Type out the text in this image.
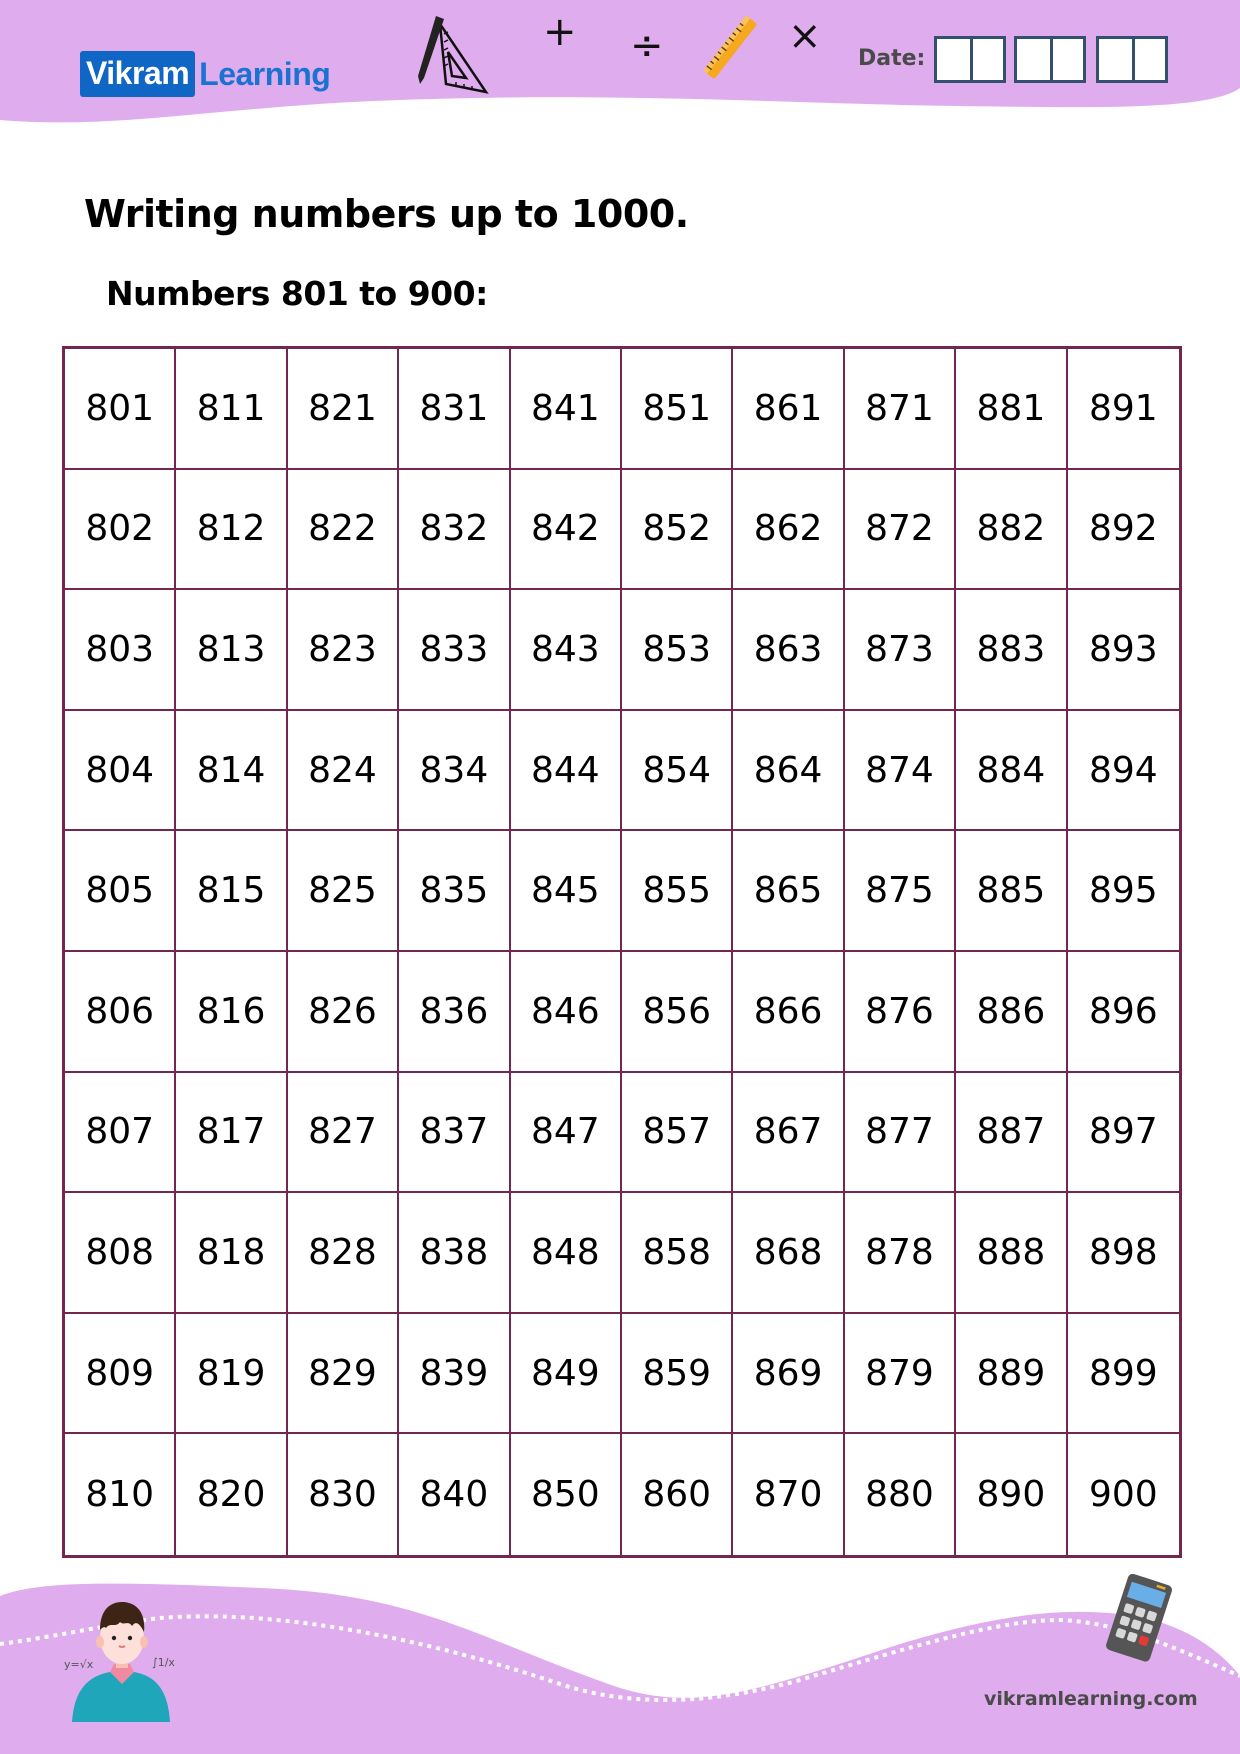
Vikram Learning
+ ÷	× Date:
Writing numbers up to 1000.
Numbers 801 to 900:
801
802
803
804
805
806
807
808
809
810
811
812
813
814
815
816
817
818
819
820
821
822
823
824
825
826
827
828
829
830
831
832
833
834
835
836
837
838
839
840
841
842
843
844
845
846
847
848
849
850
851
852
853
854
855
856
857
858
859
860
861
862
863
864
865
866
867
868
869
870
871
872
873
874
875
876
877
878
879
880
881
882
883
884
885
886
887
888
889
890
891
892
893
894
895
896
897
898
899
900
y=√x	∫1/x
vikramlearning.com
